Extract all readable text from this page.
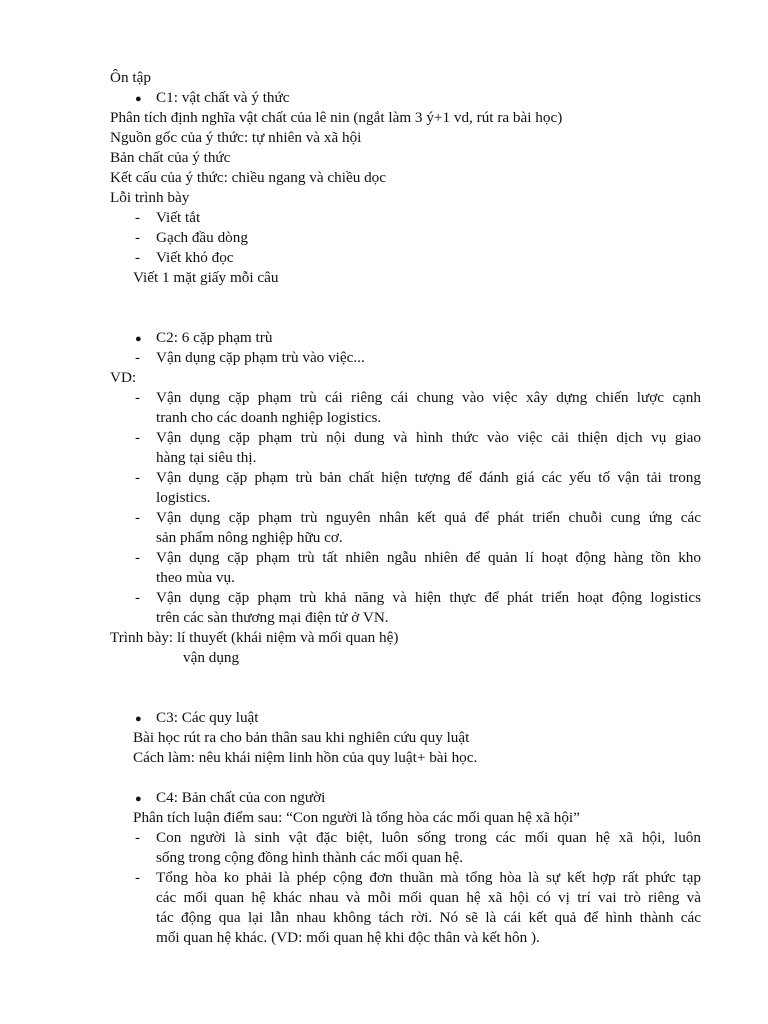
Ôn tập
● C1: vật chất và ý thức
Phân tích định nghĩa vật chất của lê nin (ngắt làm 3 ý+1 vd, rút ra bài học)
Nguồn gốc của ý thức: tự nhiên và xã hội
Bản chất của ý thức
Kết cấu của ý thức: chiều ngang và chiều dọc
Lỗi trình bày
- Viết tắt
- Gạch đầu dòng
- Viết khó đọc
Viết 1 mặt giấy mỗi câu
● C2: 6 cặp phạm trù
- Vận dụng cặp phạm trù vào việc...
VD:
- Vận dụng cặp phạm trù cái riêng cái chung vào việc xây dựng chiến lược cạnh
tranh cho các doanh nghiệp logistics.
- Vận dụng cặp phạm trù nội dung và hình thức vào việc cải thiện dịch vụ giao
hàng tại siêu thị.
- Vận dụng cặp phạm trù bản chất hiện tượng để đánh giá các yếu tố vận tải trong
logistics.
- Vận dụng cặp phạm trù nguyên nhân kết quả để phát triển chuỗi cung ứng các
sản phẩm nông nghiệp hữu cơ.
- Vận dụng cặp phạm trù tất nhiên ngẫu nhiên để quản lí hoạt động hàng tồn kho
theo mùa vụ.
- Vận dụng cặp phạm trù khả năng và hiện thực để phát triển hoạt động logistics
trên các sàn thương mại điện tử ở VN.
Trình bày: lí thuyết (khái niệm và mối quan hệ)
vận dụng
● C3: Các quy luật
Bài học rút ra cho bản thân sau khi nghiên cứu quy luật
Cách làm: nêu khái niệm linh hồn của quy luật+ bài học.
● C4: Bản chất của con người
Phân tích luận điểm sau: “Con người là tổng hòa các mối quan hệ xã hội”
- Con người là sinh vật đặc biệt, luôn sống trong các mối quan hệ xã hội, luôn
sống trong cộng đồng hình thành các mối quan hệ.
- Tổng hòa ko phải là phép cộng đơn thuần mà tổng hòa là sự kết hợp rất phức tạp
các mối quan hệ khác nhau và mỗi mối quan hệ xã hội có vị trí vai trò riêng và
tác động qua lại lẫn nhau không tách rời. Nó sẽ là cái kết quả để hình thành các
mối quan hệ khác. (VD: mối quan hệ khi độc thân và kết hôn ).
